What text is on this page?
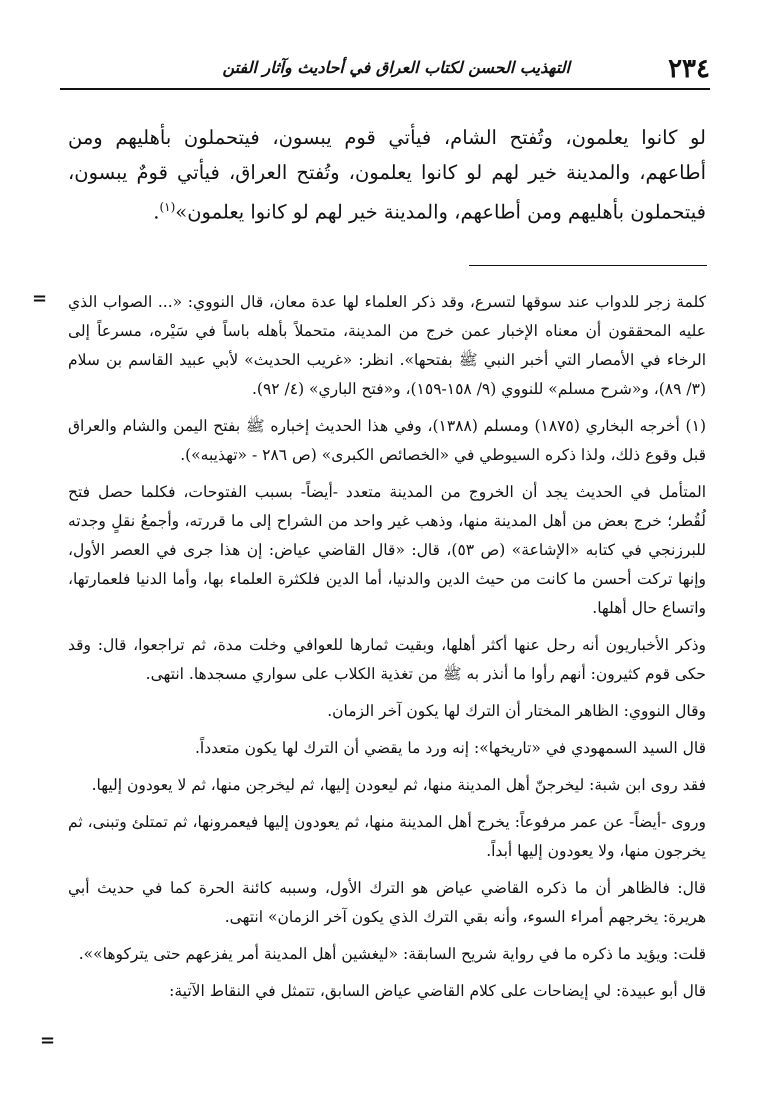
٢٣٤
التهذيب الحسن لكتاب العراق في أحاديث وآثار الفتن

لو كانوا يعلمون، وتُفتح الشام، فيأتي قوم يبسون، فيتحملون بأهليهم ومن أطاعهم، والمدينة خير لهم لو كانوا يعلمون، وتُفتح العراق، فيأتي قومٌ يبسون، فيتحملون بأهليهم ومن أطاعهم، والمدينة خير لهم لو كانوا يعلمون»$^{(١)}$.

= كلمة زجر للدواب عند سوقها لتسرع، وقد ذكر العلماء لها عدة معان، قال النووي: «... الصواب الذي عليه المحققون أن معناه الإخبار عمن خرج من المدينة، متحملاً بأهله باساً في سَيْره، مسرعاً إلى الرخاء في الأمصار التي أخبر النبي ﷺ بفتحها». انظر: «غريب الحديث» لأبي عبيد القاسم بن سلام (٣/ ٨٩)، و«شرح مسلم» للنووي (٩/ ١٥٨-١٥٩)، و«فتح الباري» (٤/ ٩٢).

(١) أخرجه البخاري (١٨٧٥) ومسلم (١٣٨٨)، وفي هذا الحديث إخباره ﷺ بفتح اليمن والشام والعراق قبل وقوع ذلك، ولذا ذكره السيوطي في «الخصائص الكبرى» (ص ٢٨٦ - «تهذيبه»).

المتأمل في الحديث يجد أن الخروج من المدينة متعدد -أيضاً- بسبب الفتوحات، فكلما حصل فتح لُقُطر؛ خرج بعض من أهل المدينة منها، وذهب غير واحد من الشراح إلى ما قررته، وأجمعُ نقلٍ وجدته للبرزنجي في كتابه «الإشاعة» (ص ٥٣)، قال: «قال القاضي عياض: إن هذا جرى في العصر الأول، وإنها تركت أحسن ما كانت من حيث الدين والدنيا، أما الدين فلكثرة العلماء بها، وأما الدنيا فلعمارتها، واتساع حال أهلها.

وذكر الأخباريون أنه رحل عنها أكثر أهلها، وبقيت ثمارها للعوافي وخلت مدة، ثم تراجعوا، قال: وقد حكى قوم كثيرون: أنهم رأوا ما أنذر به ﷺ من تغذية الكلاب على سواري مسجدها. انتهى.

وقال النووي: الظاهر المختار أن الترك لها يكون آخر الزمان.

قال السيد السمهودي في «تاريخها»: إنه ورد ما يقضي أن الترك لها يكون متعدداً.

فقد روى ابن شبة: ليخرجنّ أهل المدينة منها، ثم ليعودن إليها، ثم ليخرجن منها، ثم لا يعودون إليها.

وروى -أيضاً- عن عمر مرفوعاً: يخرج أهل المدينة منها، ثم يعودون إليها فيعمرونها، ثم تمتلئ وتبنى، ثم يخرجون منها، ولا يعودون إليها أبداً.

قال: فالظاهر أن ما ذكره القاضي عياض هو الترك الأول، وسببه كائنة الحرة كما في حديث أبي هريرة: يخرجهم أمراء السوء، وأنه بقي الترك الذي يكون آخر الزمان» انتهى.

قلت: ويؤيد ما ذكره ما في رواية شريح السابقة: «ليغشين أهل المدينة أمر يفزعهم حتى يتركوها»».

قال أبو عبيدة: لي إيضاحات على كلام القاضي عياض السابق، تتمثل في النقاط الآتية:

=
